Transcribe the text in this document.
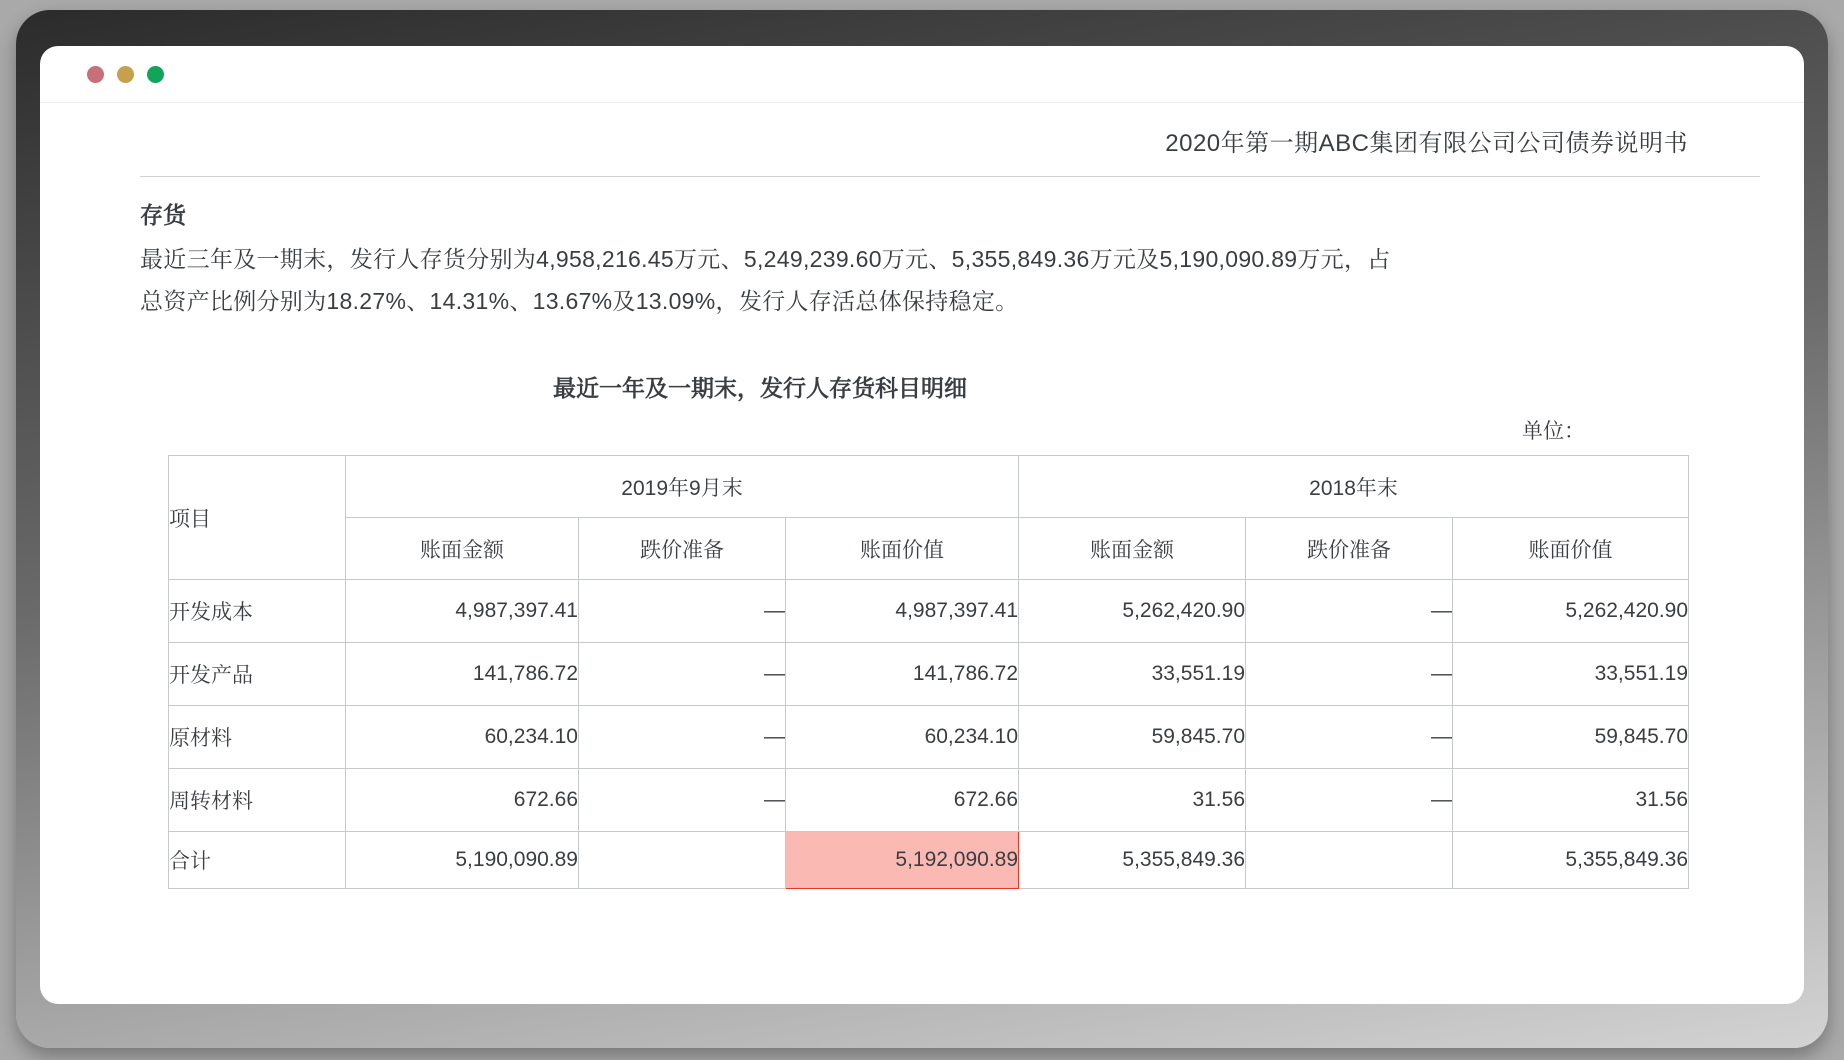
2020年第一期ABC集团有限公司公司债券说明书
存货
最近三年及一期末，发行人存货分别为4,958,216.45万元、5,249,239.60万元、5,355,849.36万元及5,190,090.89万元，占
总资产比例分别为18.27%、14.31%、13.67%及13.09%，发行人存活总体保持稳定。
最近一年及一期末，发行人存货科目明细
单位：
项目	2019年9月末			2018年末		
	账面金额	跌价准备	账面价值	账面金额	跌价准备	账面价值
开发成本	4,987,397.41	—	4,987,397.41	5,262,420.90	—	5,262,420.90
开发产品	141,786.72	—	141,786.72	33,551.19	—	33,551.19
原材料	60,234.10	—	60,234.10	59,845.70	—	59,845.70
周转材料	672.66	—	672.66	31.56	—	31.56
合计	5,190,090.89		5,192,090.89	5,355,849.36		5,355,849.36
